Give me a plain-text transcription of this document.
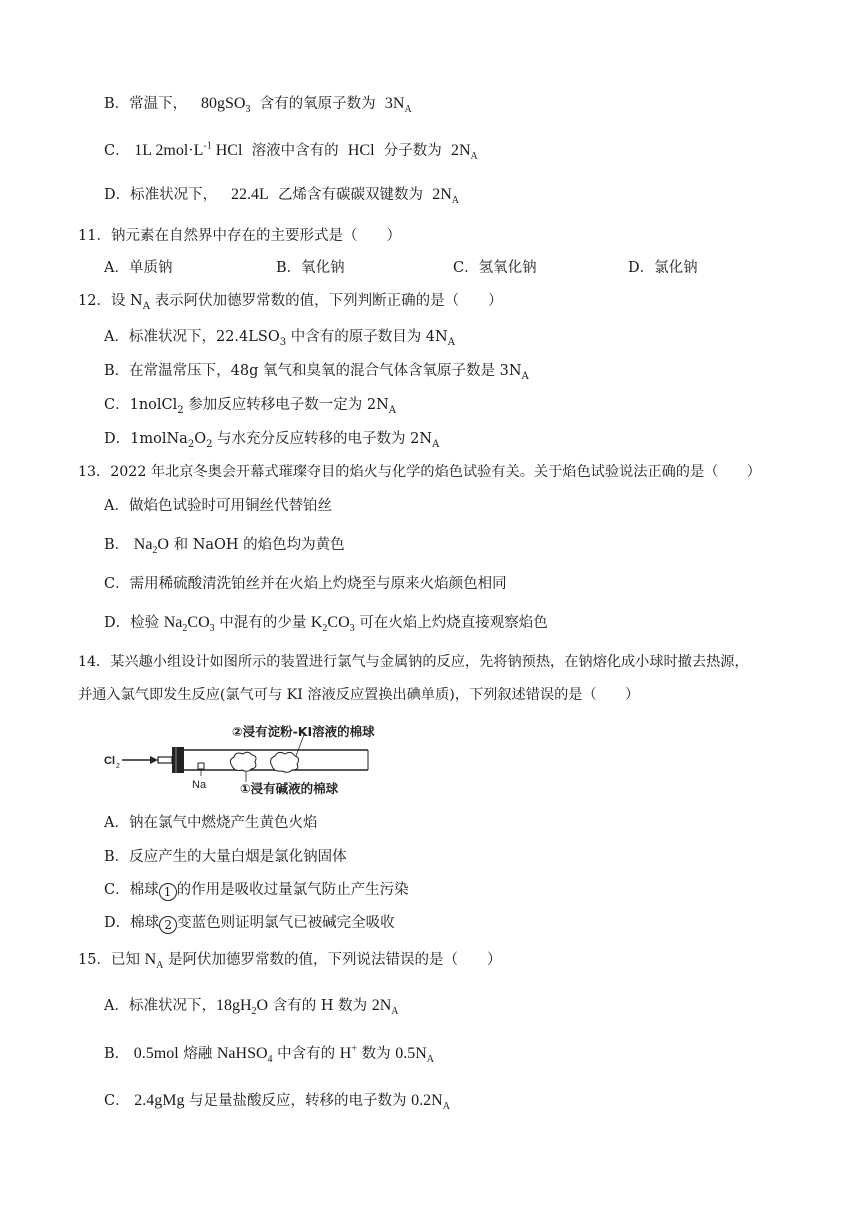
B．常温下， 80gSO$_3$ 含有的氧原子数为 $3N_A$
C． 1L $2mol\cdot L^{-1}$ HCl 溶液中含有的 HCl 分子数为 $2N_A$
D．标准状况下， 22.4L 乙烯含有碳碳双键数为 $2N_A$
11．钠元素在自然界中存在的主要形式是（　　）
A．单质钠	B．氧化钠	C．氢氧化钠	D．氯化钠
12．设 $N_A$ 表示阿伏加德罗常数的值，下列判断正确的是（　　）
A．标准状况下，$22.4LSO_3$ 中含有的原子数目为 $4N_A$
B．在常温常压下，48g 氧气和臭氧的混合气体含氧原子数是 $3N_A$
C．1nolCl$_2$ 参加反应转移电子数一定为 $2N_A$
D．$1molNa_2O_2$ 与水充分反应转移的电子数为 $2N_A$
13．2022 年北京冬奥会开幕式璀璨夺目的焰火与化学的焰色试验有关。关于焰色试验说法正确的是（　　）
A．做焰色试验时可用铜丝代替铂丝
B． $Na_2O$ 和 NaOH 的焰色均为黄色
C．需用稀硫酸清洗铂丝并在火焰上灼烧至与原来火焰颜色相同
D．检验 $Na_2CO_3$ 中混有的少量 $K_2CO_3$ 可在火焰上灼烧直接观察焰色
14．某兴趣小组设计如图所示的装置进行氯气与金属钠的反应，先将钠预热，在钠熔化成小球时撤去热源，
并通入氯气即发生反应(氯气可与 KI 溶液反应置换出碘单质)，下列叙述错误的是（　　）
Cl 2
Na
②浸有淀粉-KI溶液的棉球
①浸有碱液的棉球
A．钠在氯气中燃烧产生黄色火焰
B．反应产生的大量白烟是氯化钠固体
C．棉球 1 的作用是吸收过量氯气防止产生污染
D．棉球 2 变蓝色则证明氯气已被碱完全吸收
15．已知 $N_A$ 是阿伏加德罗常数的值，下列说法错误的是（　　）
A．标准状况下，$18gH_2O$ 含有的 H 数为 $2N_A$
B． 0.5mol 熔融 NaHSO$_4$ 中含有的 H+ 数为 $0.5N_A$
C． 2.4gMg 与足量盐酸反应，转移的电子数为 $0.2N_A$
